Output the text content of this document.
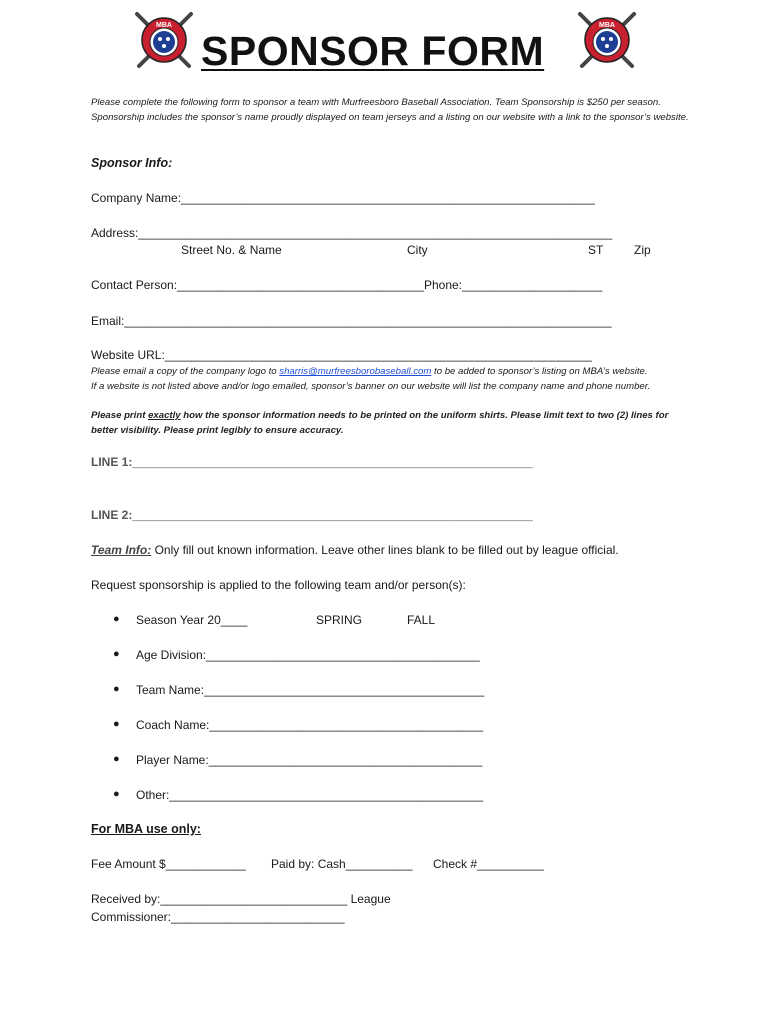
MBA	MBA
SPONSOR FORM
Please complete the following form to sponsor a team with Murfreesboro Baseball Association. Team Sponsorship is $250 per season. Sponsorship includes the sponsor’s name proudly displayed on team jerseys and a listing on our website with a link to the sponsor’s website.
Sponsor Info:
Company Name:______________________________________________________________
Address:_______________________________________________________________________
Street No. & Name	City	ST	Zip
Contact Person:_____________________________________Phone:_____________________
Email:_________________________________________________________________________
Website URL:________________________________________________________________
Please email a copy of the company logo to sharris@murfreesborobaseball.com to be added to sponsor’s listing on MBA’s website.
If a website is not listed above and/or logo emailed, sponsor’s banner on our website will list the company name and phone number.
Please print exactly how the sponsor information needs to be printed on the uniform shirts. Please limit text to two (2) lines for better visibility. Please print legibly to ensure accuracy.
LINE 1:________________________________________________________________________________
LINE 2:________________________________________________________________________________
Team Info: Only fill out known information. Leave other lines blank to be filled out by league official.
Request sponsorship is applied to the following team and/or person(s):
● Season Year 20____	SPRING	FALL
● Age Division:_________________________________________
● Team Name:__________________________________________
● Coach Name:_________________________________________
● Player Name:_________________________________________
● Other:_______________________________________________
For MBA use only:
Fee Amount $____________ Paid by: Cash__________ Check #__________
Received by:____________________________ League
Commissioner:__________________________
